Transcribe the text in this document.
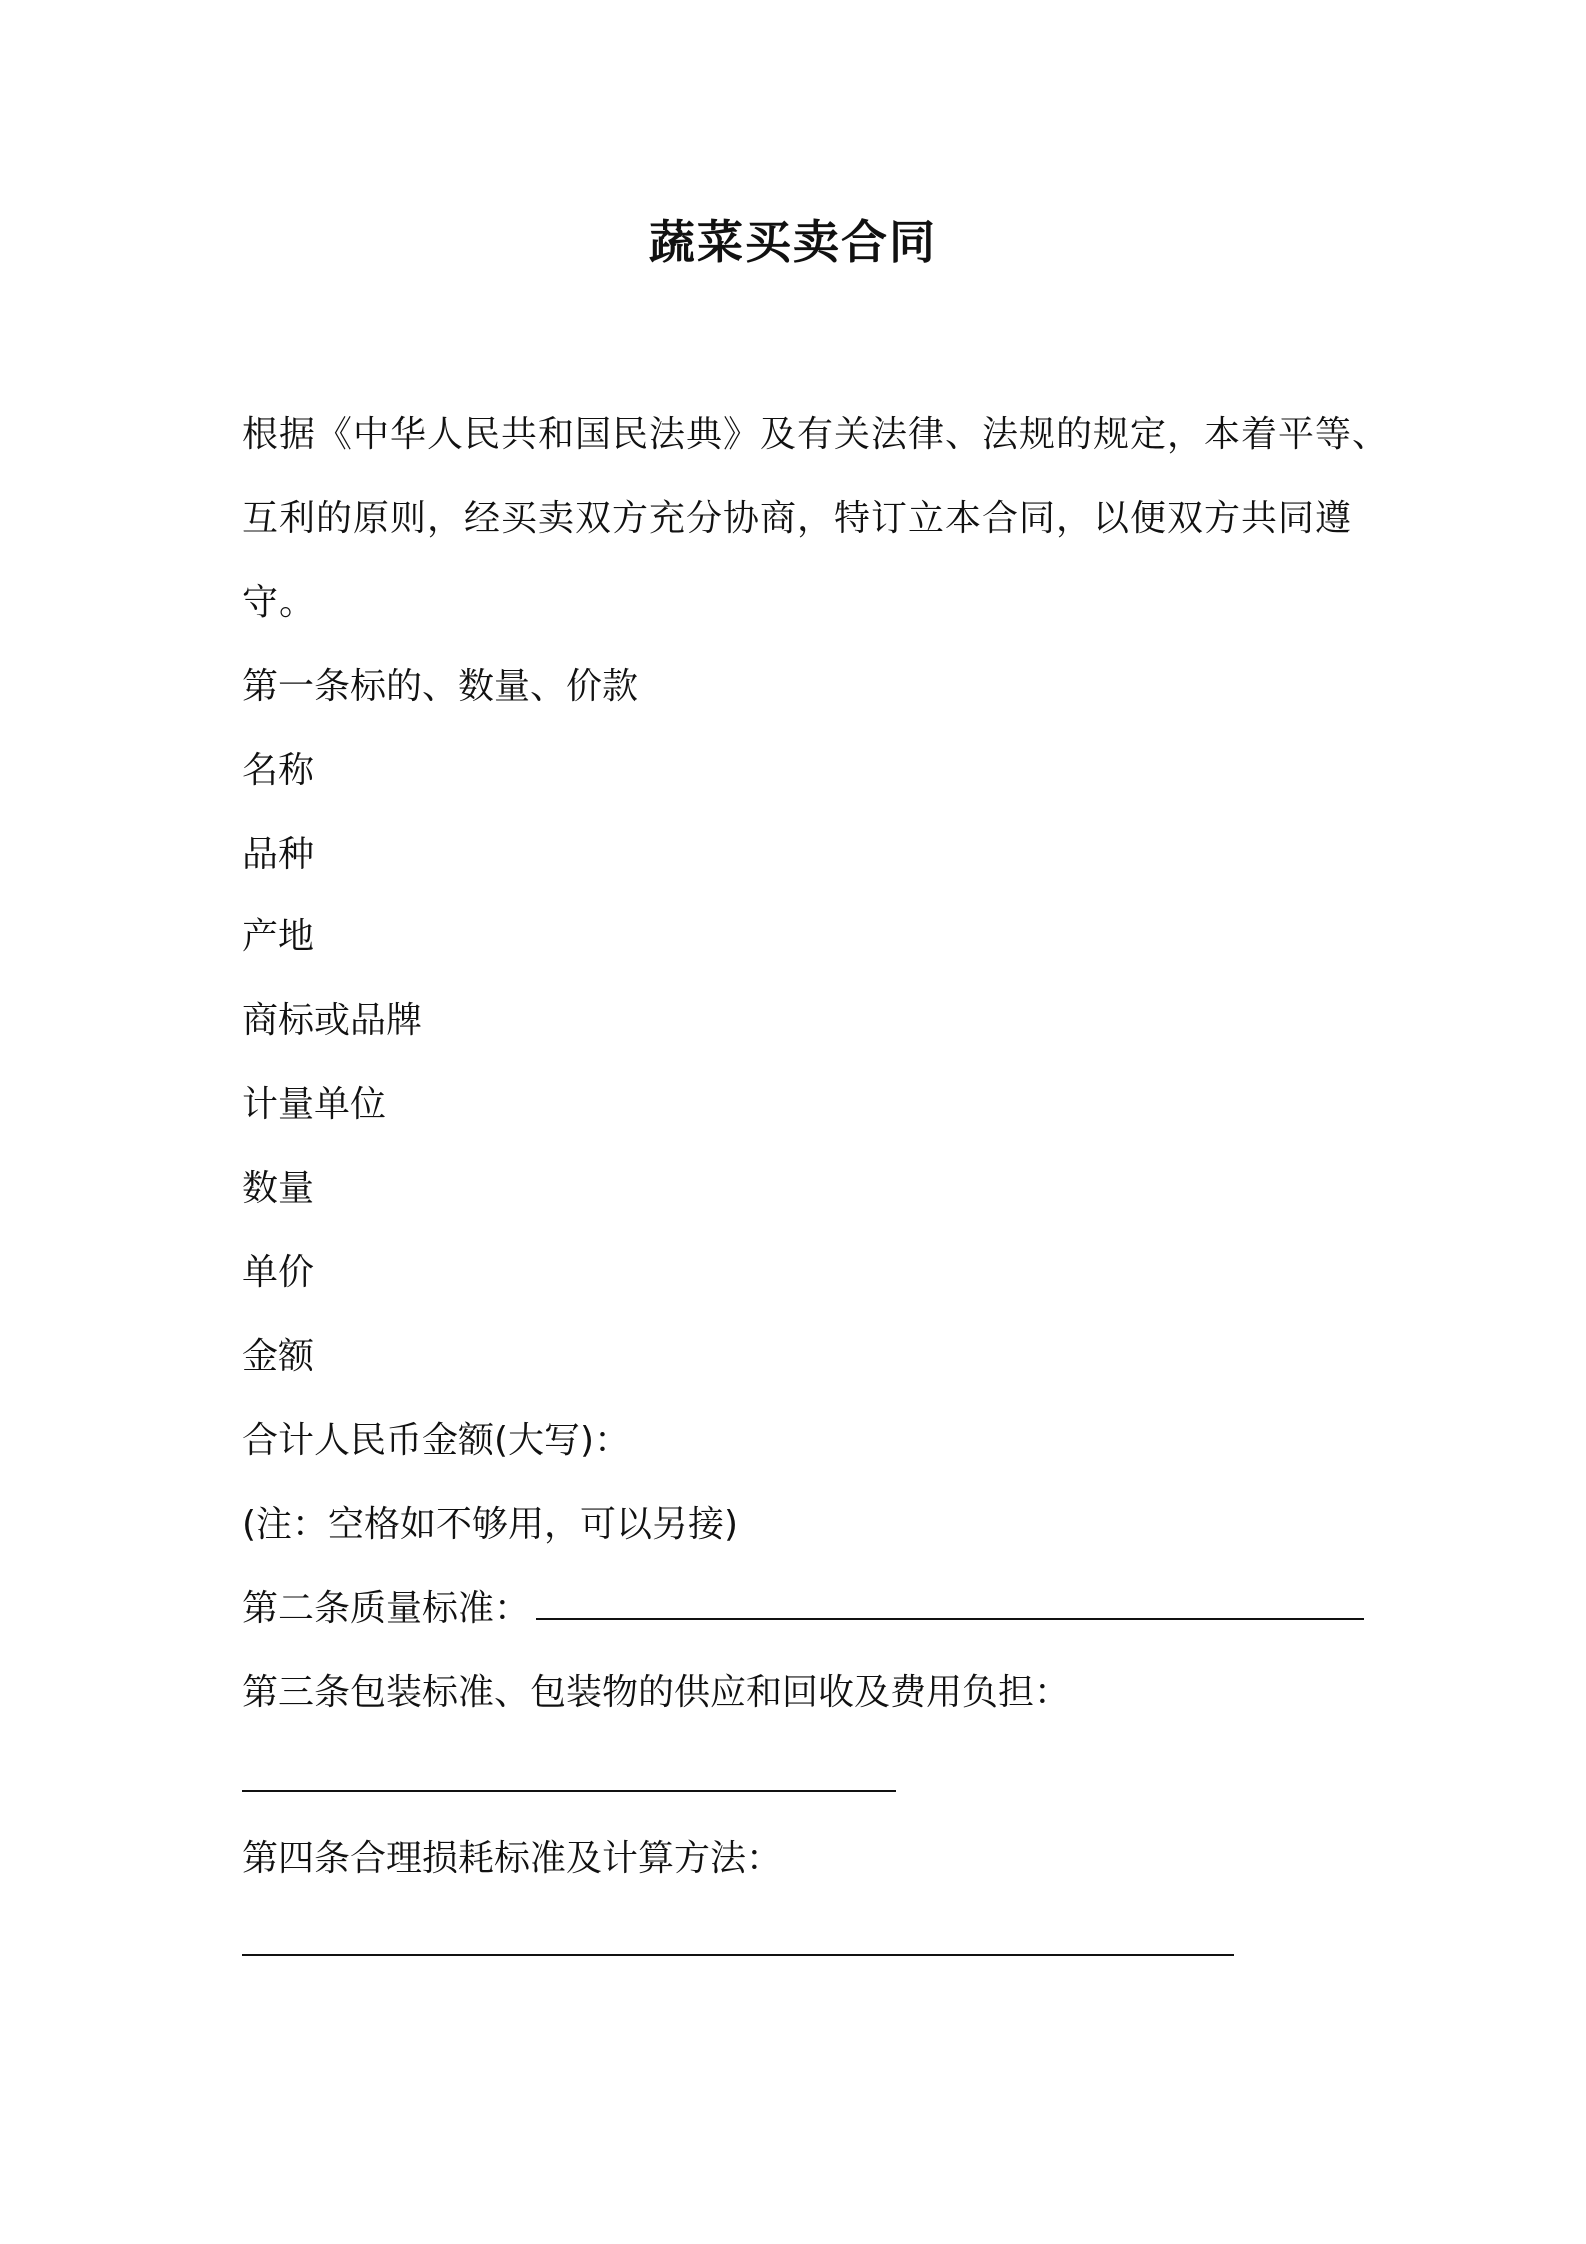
蔬菜买卖合同
根据《中华人民共和国民法典》及有关法律、法规的规定，本着平等、
互利的原则，经买卖双方充分协商，特订立本合同，以便双方共同遵
守。
第一条标的、数量、价款
名称
品种
产地
商标或品牌
计量单位
数量
单价
金额
合计人民币金额(大写)：
(注：空格如不够用，可以另接)
第二条质量标准：
第三条包装标准、包装物的供应和回收及费用负担：
第四条合理损耗标准及计算方法：
